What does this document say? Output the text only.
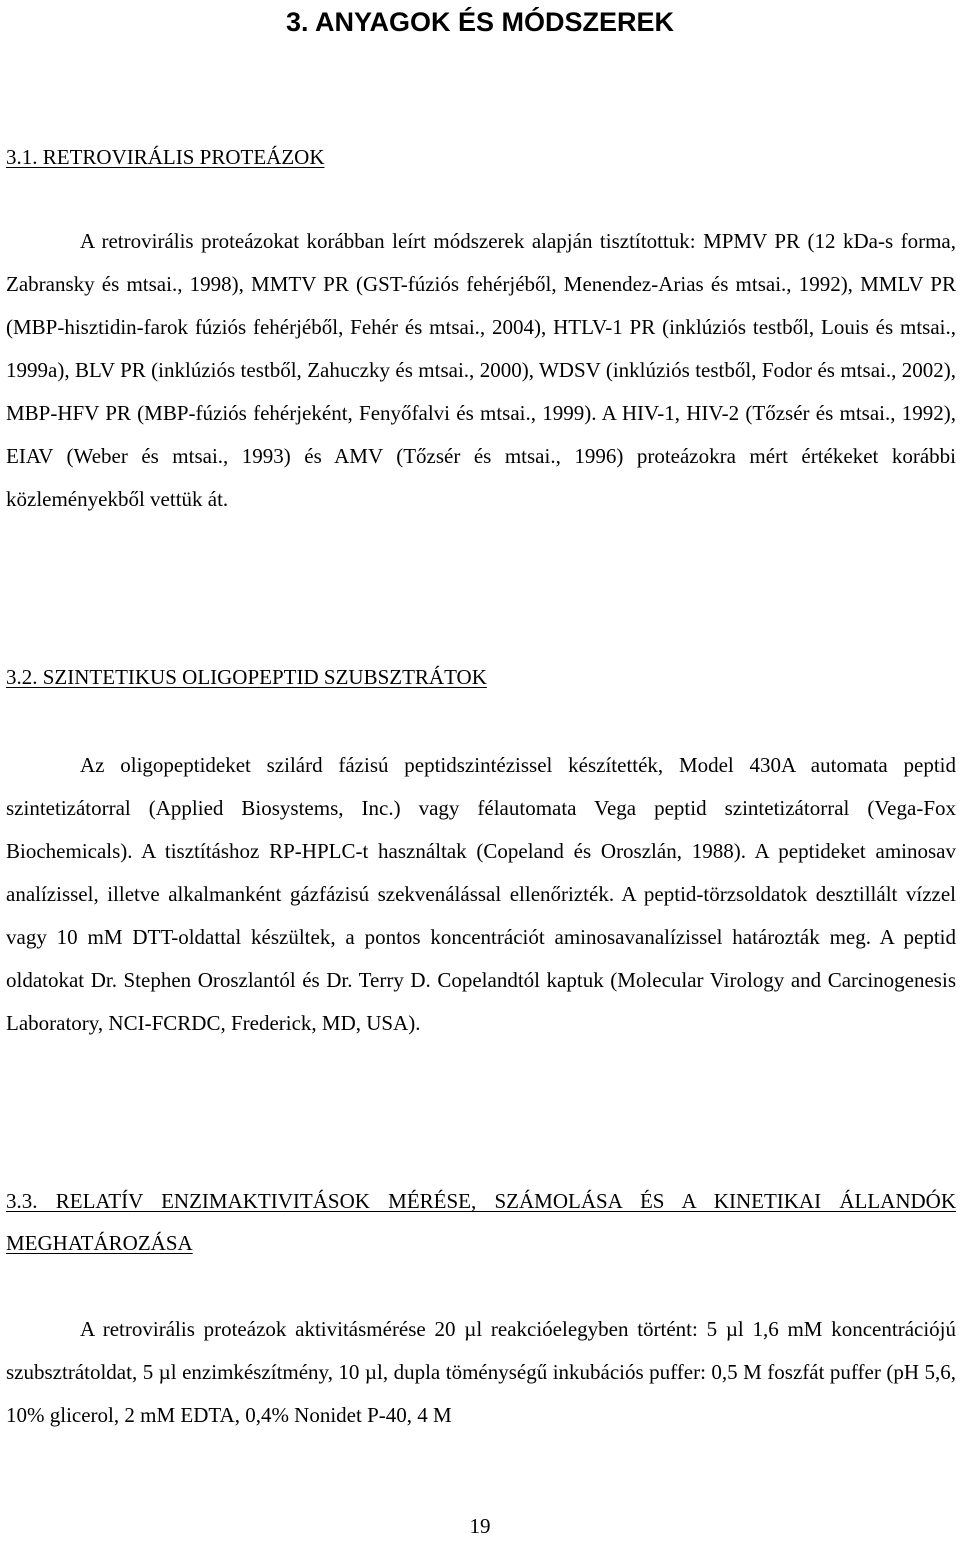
3. ANYAGOK ÉS MÓDSZEREK
3.1. RETROVIRÁLIS PROTEÁZOK

A retrovirális proteázokat korábban leírt módszerek alapján tisztítottuk: MPMV PR (12 kDa-s forma, Zabransky és mtsai., 1998), MMTV PR (GST-fúziós fehérjéből, Menendez-Arias és mtsai., 1992), MMLV PR (MBP-hisztidin-farok fúziós fehérjéből, Fehér és mtsai., 2004), HTLV-1 PR (inklúziós testből, Louis és mtsai., 1999a), BLV PR (inklúziós testből, Zahuczky és mtsai., 2000), WDSV (inklúziós testből, Fodor és mtsai., 2002), MBP-HFV PR (MBP-fúziós fehérjeként, Fenyőfalvi és mtsai., 1999). A HIV-1, HIV-2 (Tőzsér és mtsai., 1992), EIAV (Weber és mtsai., 1993) és AMV (Tőzsér és mtsai., 1996) proteázokra mért értékeket korábbi közleményekből vettük át.

3.2. SZINTETIKUS OLIGOPEPTID SZUBSZTRÁTOK

Az oligopeptideket szilárd fázisú peptidszintézissel készítették, Model 430A automata peptid szintetizátorral (Applied Biosystems, Inc.) vagy félautomata Vega peptid szintetizátorral (Vega-Fox Biochemicals). A tisztításhoz RP-HPLC-t használtak (Copeland és Oroszlán, 1988). A peptideket aminosav analízissel, illetve alkalmanként gázfázisú szekvenálással ellenőrizték. A peptid-törzsoldatok desztillált vízzel vagy 10 mM DTT-oldattal készültek, a pontos koncentrációt aminosavanalízissel határozták meg. A peptid oldatokat Dr. Stephen Oroszlantól és Dr. Terry D. Copelandtól kaptuk (Molecular Virology and Carcinogenesis Laboratory, NCI-FCRDC, Frederick, MD, USA).

3.3. RELATÍV ENZIMAKTIVITÁSOK MÉRÉSE, SZÁMOLÁSA ÉS A KINETIKAI ÁLLANDÓK MEGHATÁROZÁSA

A retrovirális proteázok aktivitásmérése 20 µl reakcióelegyben történt: 5 µl 1,6 mM koncentrációjú szubsztrátoldat, 5 µl enzimkészítmény, 10 µl, dupla töménységű inkubációs puffer: 0,5 M foszfát puffer (pH 5,6, 10% glicerol, 2 mM EDTA, 0,4% Nonidet P-40, 4 M

19
